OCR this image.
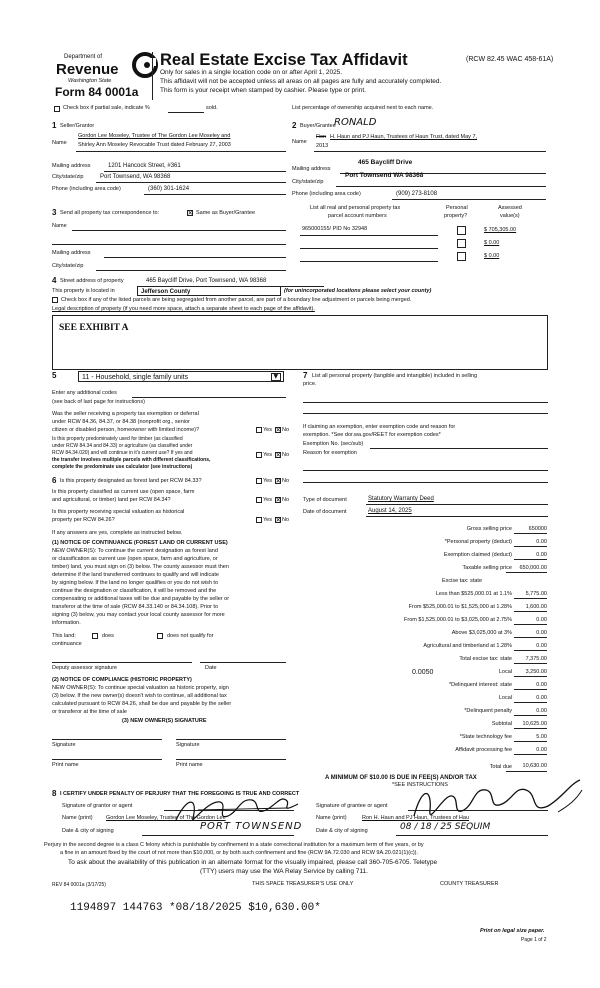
Department of
Revenue
Washington State
Form 84 0001a
Real Estate Excise Tax Affidavit	(RCW 82.45 WAC 458-61A)
Only for sales in a single location code on or after April 1, 2025.
This affidavit will not be accepted unless all areas on all pages are fully and accurately completed.
This form is your receipt when stamped by cashier. Please type or print.
Check box if partial sale, indicate %	sold.	List percentage of ownership acquired next to each name.
1 Seller/Grantor
Name
Gordon Lee Moseley, Trustee of The Gordon Lee Moseley and
Shirley Ann Moseley Revocable Trust dated February 27, 2003
Mailing address	1201 Hancock Street, #361
City/state/zip	Port Townsend, WA 98368
Phone (including area code)	(360) 301-1624
2 Buyer/Grantee
RONALD
Name
Ron H. Haun and PJ Haun, Trustees of Haun Trust, dated May 7,
2013
Mailing address
465 Baycliff Drive
City/state/zip
Port Townsend WA 98368
Phone (including area code)	(909) 273-8108
3 Send all property tax correspondence to: ✕	Same as Buyer/Grantee
Name
Mailing address
City/state/zip
List all real and personal property tax
parcel account numbers
Personal
property?
Assessed
value(s)
965000155/ PID No 32948	$ 705,305.00
$ 0.00
$ 0.00
4 Street address of property	465 Baycliff Drive, Port Townsend, WA 98368
This property is located in	Jefferson County	(for unincorporated locations please select your county)
Check box if any of the listed parcels are being segregated from another parcel, are part of a boundary line adjustment or parcels being merged.
Legal description of property (if you need more space, attach a separate sheet to each page of the affidavit).
SEE EXHIBIT A
5	11 - Household, single family units	▼
Enter any additional codes
(see back of last page for instructions)
Was the seller receiving a property tax exemption or deferral
under RCW 84.36, 84.37, or 84.38 (nonprofit org., senior
citizen or disabled person, homeowner with limited income)?	Yes ✕ No
Is this property predominately used for timber (as classified
under RCW 84.34 and 84.33) or agriculture (as classified under
RCW 84.34.020) and will continue in it's current use? If yes and	Yes ✕ No
the transfer involves multiple parcels with different classifications,
complete the predominate use calculator (see instructions)
6 Is this property designated as forest land per RCW 84.33?	Yes ✕ No
Is this property classified as current use (open space, farm
and agricultural, or timber) land per RCW 84.34?	Yes ✕ No
Is this property receiving special valuation as historical
property per RCW 84.26?	Yes ✕ No
If any answers are yes, complete as instructed below.
(1) NOTICE OF CONTINUANCE (FOREST LAND OR CURRENT USE)
NEW OWNER(S): To continue the current designation as forest land
or classification as current use (open space, farm and agriculture, or
timber) land, you must sign on (3) below. The county assessor must then
determine if the land transferred continues to qualify and will indicate
by signing below. If the land no longer qualifies or you do not wish to
continue the designation or classification, it will be removed and the
compensating or additional taxes will be due and payable by the seller or
transferor at the time of sale (RCW 84.33.140 or 84.34.108). Prior to
signing (3) below, you may contact your local county assessor for more
information.
This land:	does	does not qualify for
continuance
Deputy assessor signature	Date
(2) NOTICE OF COMPLIANCE (HISTORIC PROPERTY)
NEW OWNER(S): To continue special valuation as historic property, sign
(3) below. If the new owner(s) doesn't wish to continue, all additional tax
calculated pursuant to RCW 84.26, shall be due and payable by the seller
or transferor at the time of sale
(3) NEW OWNER(S) SIGNATURE
Signature	Signature
Print name	Print name
7 List all personal property (tangible and intangible) included in selling
price.
If claiming an exemption, enter exemption code and reason for
exemption. *See dor.wa.gov/REET for exemption codes*
Exemption No. (sec/sub)
Reason for exemption
Type of document	Statutory Warranty Deed
Date of document	August 14, 2025
Gross selling price	650000
*Personal property (deduct)	0.00
Exemption claimed (deduct)	0.00
Taxable selling price 650,000.00
Excise tax: state
Less than $525,000.01 at 1.1% 5,775.00
From $525,000.01 to $1,525,000 at 1.28% 1,600.00
From $1,525,000.01 to $3,025,000 at 2.75%	0.00
Above $3,025,000 at 3%	0.00
Agricultural and timberland at 1.28%	0.00
Total excise tax: state 7,375.00
0.0050	Local 3,250.00
*Delinquent interest: state	0.00
Local	0.00
*Delinquent penalty	0.00
Subtotal 10,625.00
*State technology fee	5.00
Affidavit processing fee	0.00
Total due 10,630.00
A MINIMUM OF $10.00 IS DUE IN FEE(S) AND/OR TAX
*SEE INSTRUCTIONS
8 I CERTIFY UNDER PENALTY OF PERJURY THAT THE FOREGOING IS TRUE AND CORRECT
Signature of grantor or agent	Signature of grantee or agent
Name (print) Gordon Lee Moseley, Trustee of The Gordon Lee	Name (print)	Ron H. Haun and PJ Haun, Trustees of Hau
Date & city of signing	PORT TOWNSEND Date & city of signing	08 / 18 / 25 SEQUIM
Perjury in the second degree is a class C felony which is punishable by confinement in a state correctional institution for a maximum term of five years, or by
a fine in an amount fixed by the court of not more than $10,000, or by both such confinement and fine (RCW 9A.72.030 and RCW 9A.20.021(1)(c)).
To ask about the availability of this publication in an alternate format for the visually impaired, please call 360-705-6705. Teletype
(TTY) users may use the WA Relay Service by calling 711.
REV 84 0001a (3/17/25)	THIS SPACE TREASURER'S USE ONLY	COUNTY TREASURER
1194897 144763 *08/18/2025 $10,630.00*
Print on legal size paper.
Page 1 of 2
